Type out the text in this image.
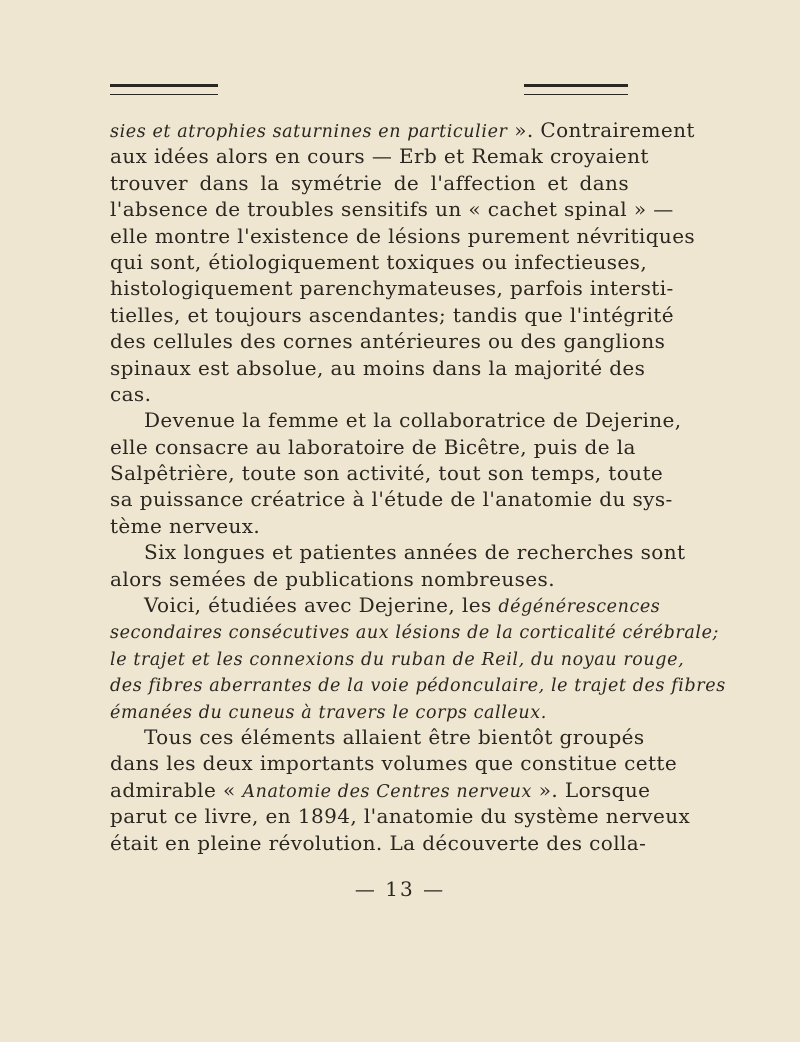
sies et atrophies saturnines en particulier ». Contrairement
aux idées alors en cours — Erb et Remak croyaient
trouver dans la symétrie de l'affection et dans
l'absence de troubles sensitifs un « cachet spinal » —
elle montre l'existence de lésions purement névritiques
qui sont, étiologiquement toxiques ou infectieuses,
histologiquement parenchymateuses, parfois intersti-
tielles, et toujours ascendantes; tandis que l'intégrité
des cellules des cornes antérieures ou des ganglions
spinaux est absolue, au moins dans la majorité des
cas.
Devenue la femme et la collaboratrice de Dejerine,
elle consacre au laboratoire de Bicêtre, puis de la
Salpêtrière, toute son activité, tout son temps, toute
sa puissance créatrice à l'étude de l'anatomie du sys-
tème nerveux.
Six longues et patientes années de recherches sont
alors semées de publications nombreuses.
Voici, étudiées avec Dejerine, les dégénérescences
secondaires consécutives aux lésions de la corticalité cérébrale;
le trajet et les connexions du ruban de Reil, du noyau rouge,
des fibres aberrantes de la voie pédonculaire, le trajet des fibres
émanées du cuneus à travers le corps calleux.
Tous ces éléments allaient être bientôt groupés
dans les deux importants volumes que constitue cette
admirable « Anatomie des Centres nerveux ». Lorsque
parut ce livre, en 1894, l'anatomie du système nerveux
était en pleine révolution. La découverte des colla-
— 13 —
